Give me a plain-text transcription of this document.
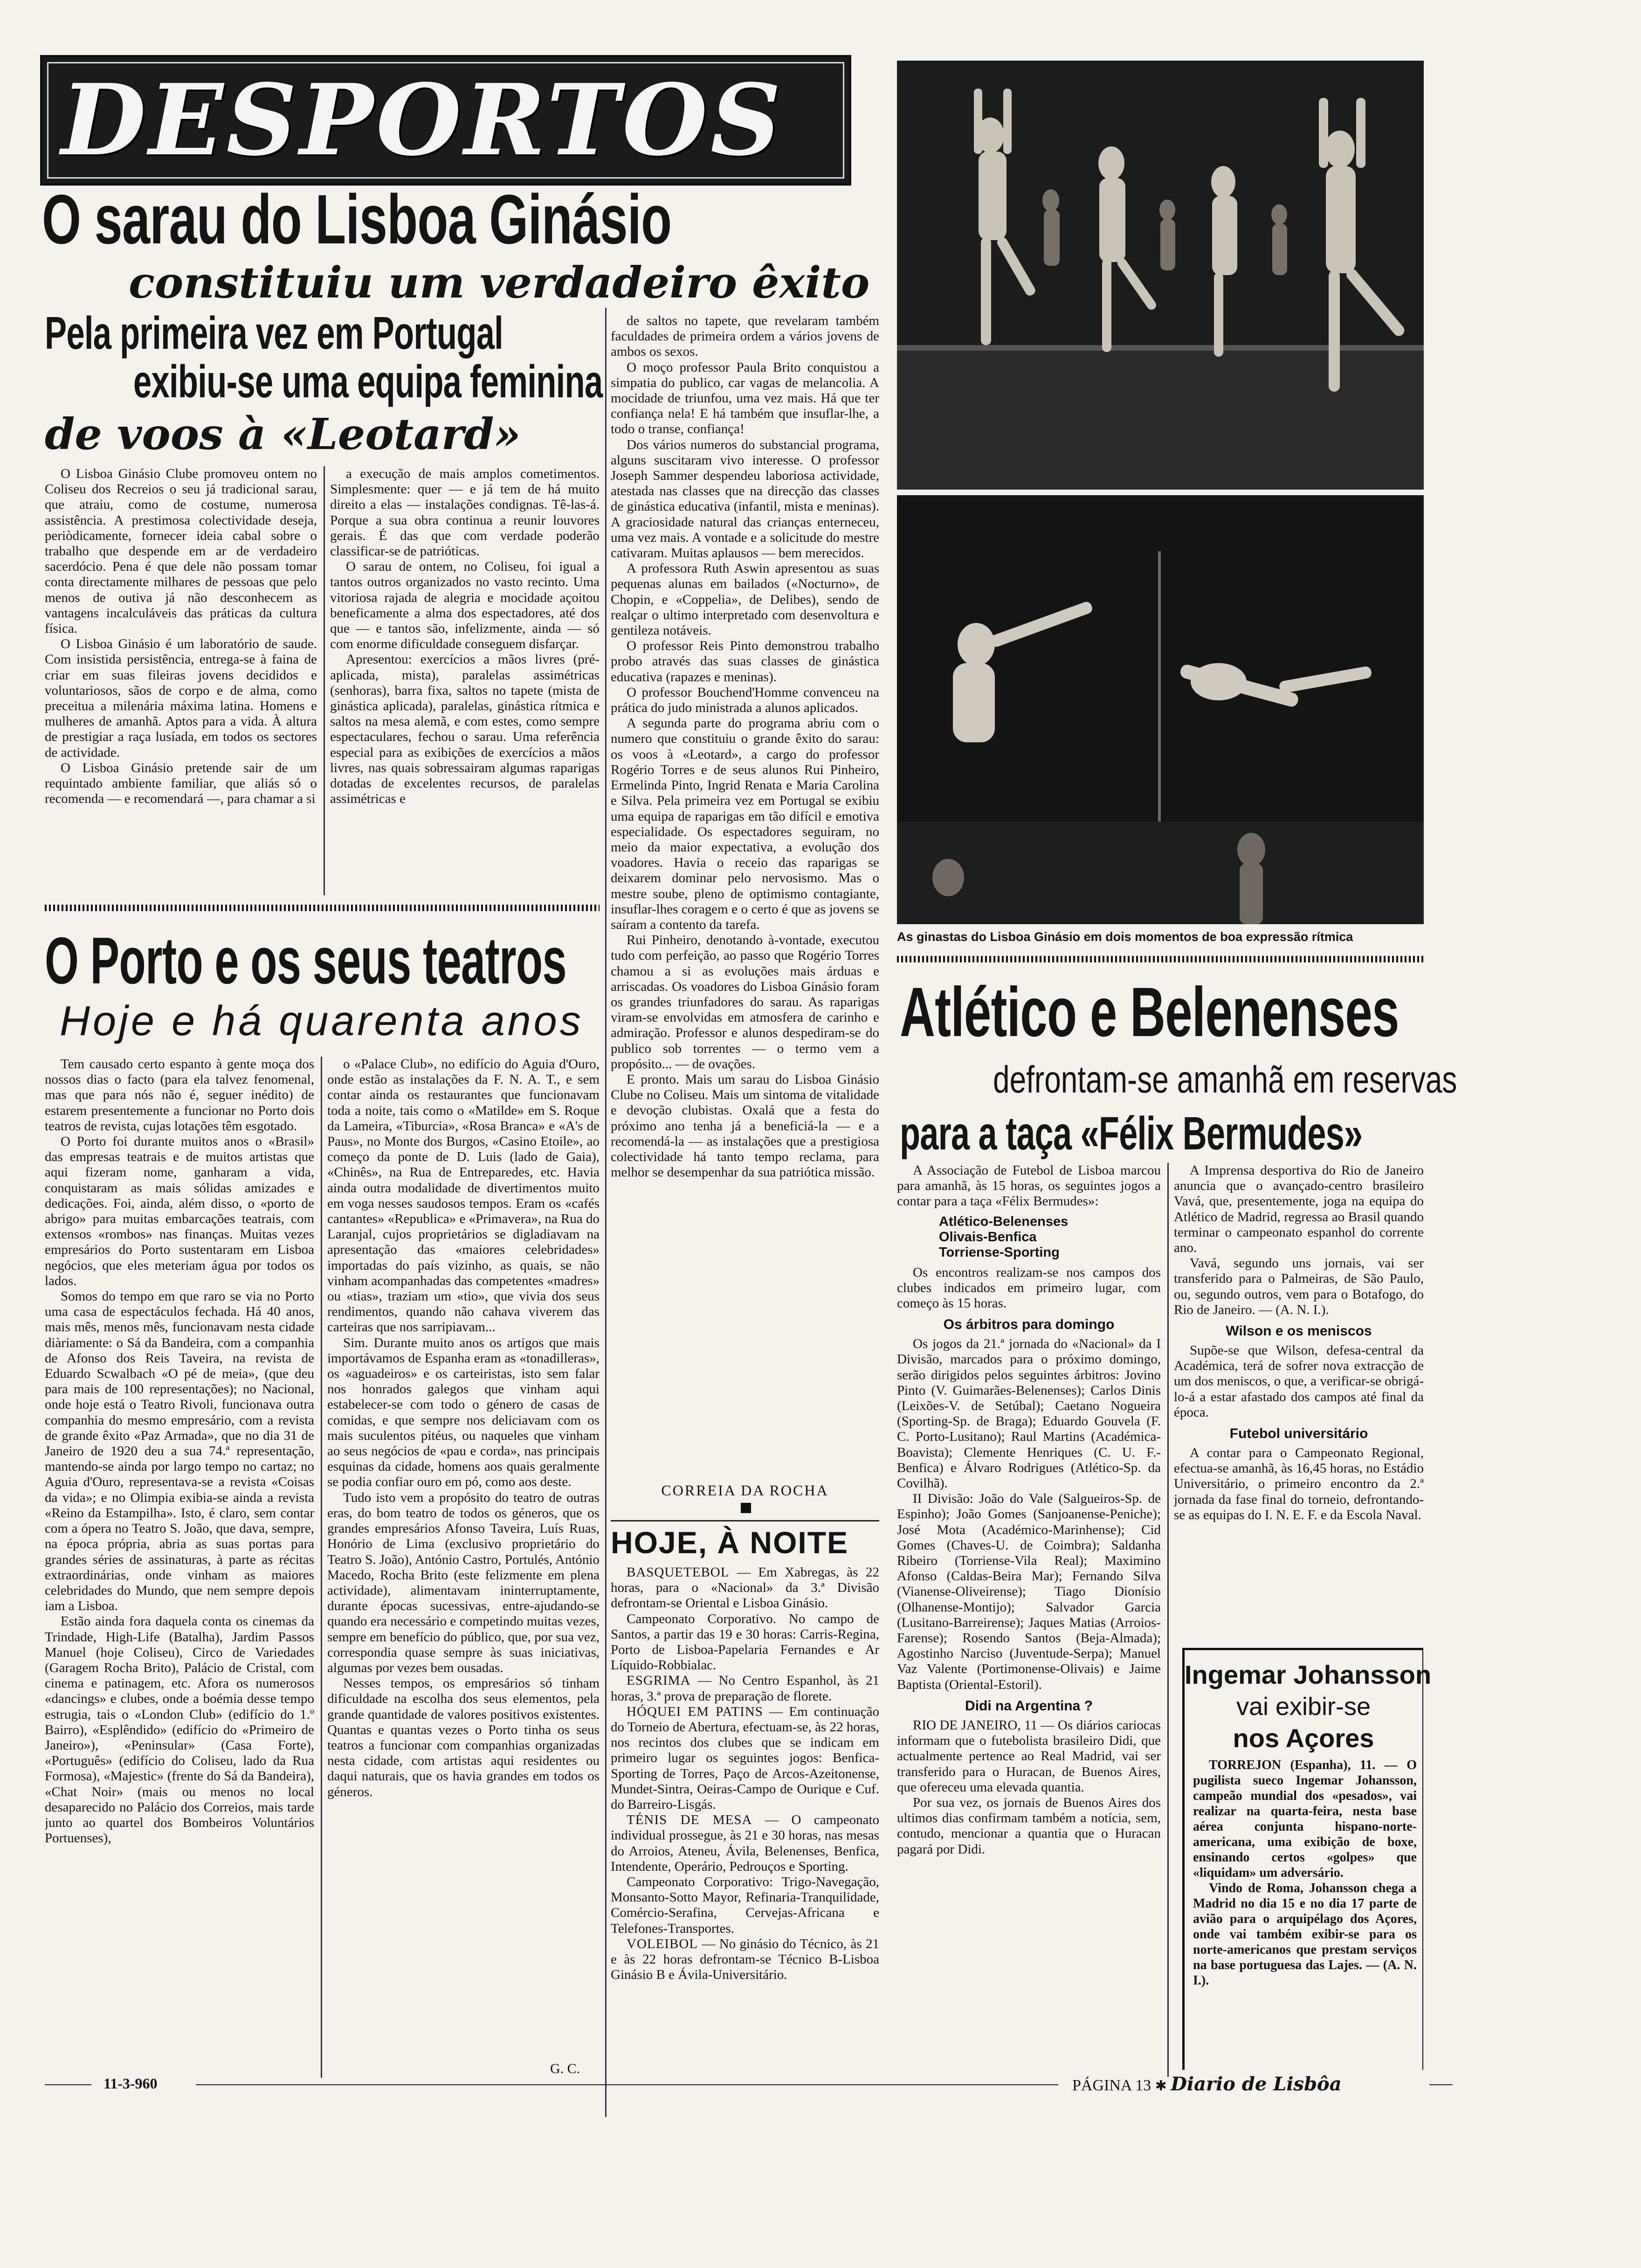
DESPORTOS
O sarau do Lisboa Ginásio
constituiu um verdadeiro êxito
Pela primeira vez em Portugal
exibiu-se uma equipa feminina
de voos à «Leotard»

O Lisboa Ginásio Clube promoveu ontem no Coliseu dos Recreios o seu já tradicional sarau, que atraiu, como de costume, numerosa assistência. A prestimosa colectividade deseja, periòdicamente, fornecer ideia cabal sobre o trabalho que despende em ar de verdadeiro sacerdócio. Pena é que dele não possam tomar conta directamente milhares de pessoas que pelo menos de outiva já não desconhecem as vantagens incalculáveis das práticas da cultura física.

O Lisboa Ginásio é um laboratório de saude. Com insistida persistência, entrega-se à faina de criar em suas fileiras jovens decididos e voluntariosos, sãos de corpo e de alma, como preceitua a milenária máxima latina. Homens e mulheres de amanhã. Aptos para a vida. À altura de prestigiar a raça lusíada, em todos os sectores de actividade.

O Lisboa Ginásio pretende sair de um requintado ambiente familiar, que aliás só o recomenda — e recomendará —, para chamar a si

a execução de mais amplos cometimentos. Simplesmente: quer — e já tem de há muito direito a elas — instalações condignas. Tê-las-á. Porque a sua obra continua a reunir louvores gerais. É das que com verdade poderão classificar-se de patrióticas.

O sarau de ontem, no Coliseu, foi igual a tantos outros organizados no vasto recinto. Uma vitoriosa rajada de alegria e mocidade açoitou beneficamente a alma dos espectadores, até dos que — e tantos são, infelizmente, ainda — só com enorme dificuldade conseguem disfarçar.

Apresentou: exercícios a mãos livres (pré-aplicada, mista), paralelas assimétricas (senhoras), barra fixa, saltos no tapete (mista de ginástica aplicada), paralelas, ginástica rítmica e saltos na mesa alemã, e com estes, como sempre espectaculares, fechou o sarau. Uma referência especial para as exibições de exercícios a mãos livres, nas quais sobressairam algumas raparigas dotadas de excelentes recursos, de paralelas assimétricas e

de saltos no tapete, que revelaram também faculdades de primeira ordem a vários jovens de ambos os sexos.

O moço professor Paula Brito conquistou a simpatia do publico, car vagas de melancolia. A mocidade de triunfou, uma vez mais. Há que ter confiança nela! E há também que insuflar-lhe, a todo o transe, confiança!

Dos vários numeros do substancial programa, alguns suscitaram vivo interesse. O professor Joseph Sammer despendeu laboriosa actividade, atestada nas classes que na direcção das classes de ginástica educativa (infantil, mista e meninas). A graciosidade natural das crianças enterneceu, uma vez mais. A vontade e a solicitude do mestre cativaram. Muitas aplausos — bem merecidos.

A professora Ruth Aswin apresentou as suas pequenas alunas em bailados («Nocturno», de Chopin, e «Coppelia», de Delibes), sendo de realçar o ultimo interpretado com desenvoltura e gentileza notáveis.

O professor Reis Pinto demonstrou trabalho probo através das suas classes de ginástica educativa (rapazes e meninas).

O professor Bouchend'Homme convenceu na prática do judo ministrada a alunos aplicados.

A segunda parte do programa abriu com o numero que constituiu o grande êxito do sarau: os voos à «Leotard», a cargo do professor Rogério Torres e de seus alunos Rui Pinheiro, Ermelinda Pinto, Ingrid Renata e Maria Carolina e Silva. Pela primeira vez em Portugal se exibiu uma equipa de raparigas em tão difícil e emotiva especialidade. Os espectadores seguiram, no meio da maior expectativa, a evolução dos voadores. Havia o receio das raparigas se deixarem dominar pelo nervosismo. Mas o mestre soube, pleno de optimismo contagiante, insuflar-lhes coragem e o certo é que as jovens se saíram a contento da tarefa.

Rui Pinheiro, denotando à-vontade, executou tudo com perfeição, ao passo que Rogério Torres chamou a si as evoluções mais árduas e arriscadas. Os voadores do Lisboa Ginásio foram os grandes triunfadores do sarau. As raparigas viram-se envolvidas em atmosfera de carinho e admiração. Professor e alunos despediram-se do publico sob torrentes — o termo vem a propósito... — de ovações.

E pronto. Mais um sarau do Lisboa Ginásio Clube no Coliseu. Mais um sintoma de vitalidade e devoção clubistas. Oxalá que a festa do próximo ano tenha já a beneficiá-la — e a recomendá-la — as instalações que a prestigiosa colectividade há tanto tempo reclama, para melhor se desempenhar da sua patriótica missão.

CORREIA DA ROCHA
As ginastas do Lisboa Ginásio em dois momentos de boa expressão rítmica
O Porto e os seus teatros
Hoje e há quarenta anos

Tem causado certo espanto à gente moça dos nossos dias o facto (para ela talvez fenomenal, mas que para nós não é, seguer inédito) de estarem presentemente a funcionar no Porto dois teatros de revista, cujas lotações têm esgotado.

O Porto foi durante muitos anos o «Brasil» das empresas teatrais e de muitos artistas que aqui fizeram nome, ganharam a vida, conquistaram as mais sólidas amizades e dedicações. Foi, ainda, além disso, o «porto de abrigo» para muitas embarcações teatrais, com extensos «rombos» nas finanças. Muitas vezes empresários do Porto sustentaram em Lisboa negócios, que eles meteriam água por todos os lados.

Somos do tempo em que raro se via no Porto uma casa de espectáculos fechada. Há 40 anos, mais mês, menos mês, funcionavam nesta cidade diàriamente: o Sá da Bandeira, com a companhia de Afonso dos Reis Taveira, na revista de Eduardo Scwalbach «O pé de meia», (que deu para mais de 100 representações); no Nacional, onde hoje está o Teatro Rivoli, funcionava outra companhia do mesmo empresário, com a revista de grande êxito «Paz Armada», que no dia 31 de Janeiro de 1920 deu a sua 74.ª representação, mantendo-se ainda por largo tempo no cartaz; no Aguia d'Ouro, representava-se a revista «Coisas da vida»; e no Olimpia exibia-se ainda a revista «Reino da Estampilha». Isto, é claro, sem contar com a ópera no Teatro S. João, que dava, sempre, na época própria, abria as suas portas para grandes séries de assinaturas, à parte as récitas extraordinárias, onde vinham as maiores celebridades do Mundo, que nem sempre depois iam a Lisboa.

Estão ainda fora daquela conta os cinemas da Trindade, High-Life (Batalha), Jardim Passos Manuel (hoje Coliseu), Circo de Variedades (Garagem Rocha Brito), Palácio de Cristal, com cinema e patinagem, etc. Afora os numerosos «dancings» e clubes, onde a boémia desse tempo estrugia, tais o «London Club» (edifício do 1.º Bairro), «Esplêndido» (edifício do «Primeiro de Janeiro»), «Peninsular» (Casa Forte), «Português» (edifício do Coliseu, lado da Rua Formosa), «Majestic» (frente do Sá da Bandeira), «Chat Noir» (mais ou menos no local desaparecido no Palácio dos Correios, mais tarde junto ao quartel dos Bombeiros Voluntários Portuenses),

o «Palace Club», no edifício do Aguia d'Ouro, onde estão as instalações da F. N. A. T., e sem contar ainda os restaurantes que funcionavam toda a noite, tais como o «Matilde» em S. Roque da Lameira, «Tiburcia», «Rosa Branca» e «A's de Paus», no Monte dos Burgos, «Casino Etoile», ao começo da ponte de D. Luis (lado de Gaia), «Chinês», na Rua de Entreparedes, etc. Havia ainda outra modalidade de divertimentos muito em voga nesses saudosos tempos. Eram os «cafés cantantes» «Republica» e «Primavera», na Rua do Laranjal, cujos proprietários se digladiavam na apresentação das «maiores celebridades» importadas do país vizinho, as quais, se não vinham acompanhadas das competentes «madres» ou «tias», traziam um «tio», que vivia dos seus rendimentos, quando não cahava viverem das carteiras que nos sarripiavam...

Sim. Durante muito anos os artigos que mais importávamos de Espanha eram as «tonadilleras», os «aguadeiros» e os carteiristas, isto sem falar nos honrados galegos que vinham aqui estabelecer-se com todo o género de casas de comidas, e que sempre nos deliciavam com os mais suculentos pitéus, ou naqueles que vinham ao seus negócios de «pau e corda», nas principais esquinas da cidade, homens aos quais geralmente se podia confiar ouro em pó, como aos deste.

Tudo isto vem a propósito do teatro de outras eras, do bom teatro de todos os géneros, que os grandes empresários Afonso Taveira, Luís Ruas, Honório de Lima (exclusivo proprietário do Teatro S. João), António Castro, Portulés, António Macedo, Rocha Brito (este felizmente em plena actividade), alimentavam ininterruptamente, durante épocas sucessivas, entre-ajudando-se quando era necessário e competindo muitas vezes, sempre em benefício do público, que, por sua vez, correspondia quase sempre às suas iniciativas, algumas por vezes bem ousadas.

Nesses tempos, os empresários só tinham dificuldade na escolha dos seus elementos, pela grande quantidade de valores positivos existentes. Quantas e quantas vezes o Porto tinha os seus teatros a funcionar com companhias organizadas nesta cidade, com artistas aqui residentes ou daqui naturais, que os havia grandes em todos os géneros.

G. C.
HOJE, À NOITE

BASQUETEBOL — Em Xabregas, às 22 horas, para o «Nacional» da 3.ª Divisão defrontam-se Oriental e Lisboa Ginásio.

Campeonato Corporativo. No campo de Santos, a partir das 19 e 30 horas: Carris-Regina, Porto de Lisboa-Papelaria Fernandes e Ar Líquido-Robbialac.

ESGRIMA — No Centro Espanhol, às 21 horas, 3.ª prova de preparação de florete.

HÓQUEI EM PATINS — Em continuação do Torneio de Abertura, efectuam-se, às 22 horas, nos recintos dos clubes que se indicam em primeiro lugar os seguintes jogos: Benfica-Sporting de Torres, Paço de Arcos-Azeitonense, Mundet-Sintra, Oeiras-Campo de Ourique e Cuf. do Barreiro-Lisgás.

TÉNIS DE MESA — O campeonato individual prossegue, às 21 e 30 horas, nas mesas do Arroios, Ateneu, Ávila, Belenenses, Benfica, Intendente, Operário, Pedrouços e Sporting.

Campeonato Corporativo: Trigo-Navegação, Monsanto-Sotto Mayor, Refinaria-Tranquilidade, Comércio-Serafina, Cervejas-Africana e Telefones-Transportes.

VOLEIBOL — No ginásio do Técnico, às 21 e às 22 horas defrontam-se Técnico B-Lisboa Ginásio B e Ávila-Universitário.

Atlético e Belenenses
defrontam-se amanhã em reservas
para a taça «Félix Bermudes»

A Associação de Futebol de Lisboa marcou para amanhã, às 15 horas, os seguintes jogos a contar para a taça «Félix Bermudes»:

Atlético-Belenenses
Olivais-Benfica
Torriense-Sporting

Os encontros realizam-se nos campos dos clubes indicados em primeiro lugar, com começo às 15 horas.

Os árbitros para domingo

Os jogos da 21.ª jornada do «Nacional» da I Divisão, marcados para o próximo domingo, serão dirigidos pelos seguintes árbitros: Jovino Pinto (V. Guimarães-Belenenses); Carlos Dinis (Leixões-V. de Setúbal); Caetano Nogueira (Sporting-Sp. de Braga); Eduardo Gouvela (F. C. Porto-Lusitano); Raul Martins (Académica-Boavista); Clemente Henriques (C. U. F.-Benfica) e Álvaro Rodrigues (Atlético-Sp. da Covilhã).

II Divisão: João do Vale (Salgueiros-Sp. de Espinho); João Gomes (Sanjoanense-Peniche); José Mota (Académico-Marinhense); Cid Gomes (Chaves-U. de Coimbra); Saldanha Ribeiro (Torriense-Vila Real); Maximino Afonso (Caldas-Beira Mar); Fernando Silva (Vianense-Oliveirense); Tiago Dionísio (Olhanense-Montijo); Salvador Garcia (Lusitano-Barreirense); Jaques Matias (Arroios-Farense); Rosendo Santos (Beja-Almada); Agostinho Narciso (Juventude-Serpa); Manuel Vaz Valente (Portimonense-Olivais) e Jaime Baptista (Oriental-Estoril).

Didi na Argentina ?

RIO DE JANEIRO, 11 — Os diários cariocas informam que o futebolista brasileiro Didi, que actualmente pertence ao Real Madrid, vai ser transferido para o Huracan, de Buenos Aires, que ofereceu uma elevada quantia.

Por sua vez, os jornais de Buenos Aires dos ultimos dias confirmam também a notícia, sem, contudo, mencionar a quantia que o Huracan pagará por Didi.

A Imprensa desportiva do Rio de Janeiro anuncia que o avançado-centro brasileiro Vavá, que, presentemente, joga na equipa do Atlético de Madrid, regressa ao Brasil quando terminar o campeonato espanhol do corrente ano.

Vavá, segundo uns jornais, vai ser transferido para o Palmeiras, de São Paulo, ou, segundo outros, vem para o Botafogo, do Rio de Janeiro. — (A. N. I.).

Wilson e os meniscos

Supõe-se que Wilson, defesa-central da Académica, terá de sofrer nova extracção de um dos meniscos, o que, a verificar-se obrigá-lo-á a estar afastado dos campos até final da época.

Futebol universitário

A contar para o Campeonato Regional, efectua-se amanhã, às 16,45 horas, no Estádio Universitário, o primeiro encontro da 2.ª jornada da fase final do torneio, defrontando-se as equipas do I. N. E. F. e da Escola Naval.

Ingemar Johansson
vai exibir-se
nos Açores

TORREJON (Espanha), 11. — O pugilista sueco Ingemar Johansson, campeão mundial dos «pesados», vai realizar na quarta-feira, nesta base aérea conjunta hispano-norte-americana, uma exibição de boxe, ensinando certos «golpes» que «liquidam» um adversário.

Vindo de Roma, Johansson chega a Madrid no dia 15 e no dia 17 parte de avião para o arquipélago dos Açores, onde vai também exibir-se para os norte-americanos que prestam serviços na base portuguesa das Lajes. — (A. N. I.).

11-3-960	PÁGINA 13 ✱ Diario de Lisbôa
